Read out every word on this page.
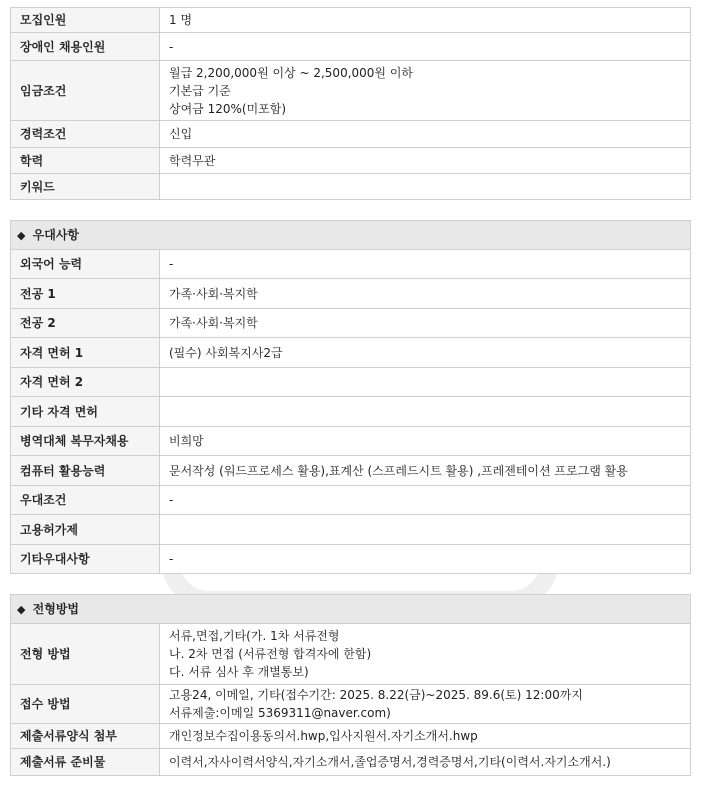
모집인원	1 명

장애인 채용인원	-

임금조건	월급 2,200,000원 이상 ~ 2,500,000원 이하
기본급 기준
상여금 120%(미포함)

경력조건	신입

학력	학력무관

키워드	

◆ 우대사항
외국어 능력	-

전공 1	가족·사회·복지학

전공 2	가족·사회·복지학

자격 면허 1	(필수) 사회복지사2급

자격 면허 2	

기타 자격 면허	

병역대체 복무자채용	비희망

컴퓨터 활용능력	문서작성 (워드프로세스 활용),표계산 (스프레드시트 활용) ,프레젠테이션 프로그램 활용

우대조건	-

고용허가제	

기타우대사항	-
◆ 전형방법
전형 방법	서류,면접,기타(가. 1차 서류전형
나. 2차 면접 (서류전형 합격자에 한함)
다. 서류 심사 후 개별통보)

접수 방법	고용24, 이메일, 기타(접수기간: 2025. 8.22(금)~2025. 89.6(토) 12:00까지
서류제출:이메일 5369311@naver.com)

제출서류양식 첨부	개인정보수집이용동의서.hwp,입사지원서.자기소개서.hwp

제출서류 준비물	이력서,자사이력서양식,자기소개서,졸업증명서,경력증명서,기타(이력서.자기소개서.)
